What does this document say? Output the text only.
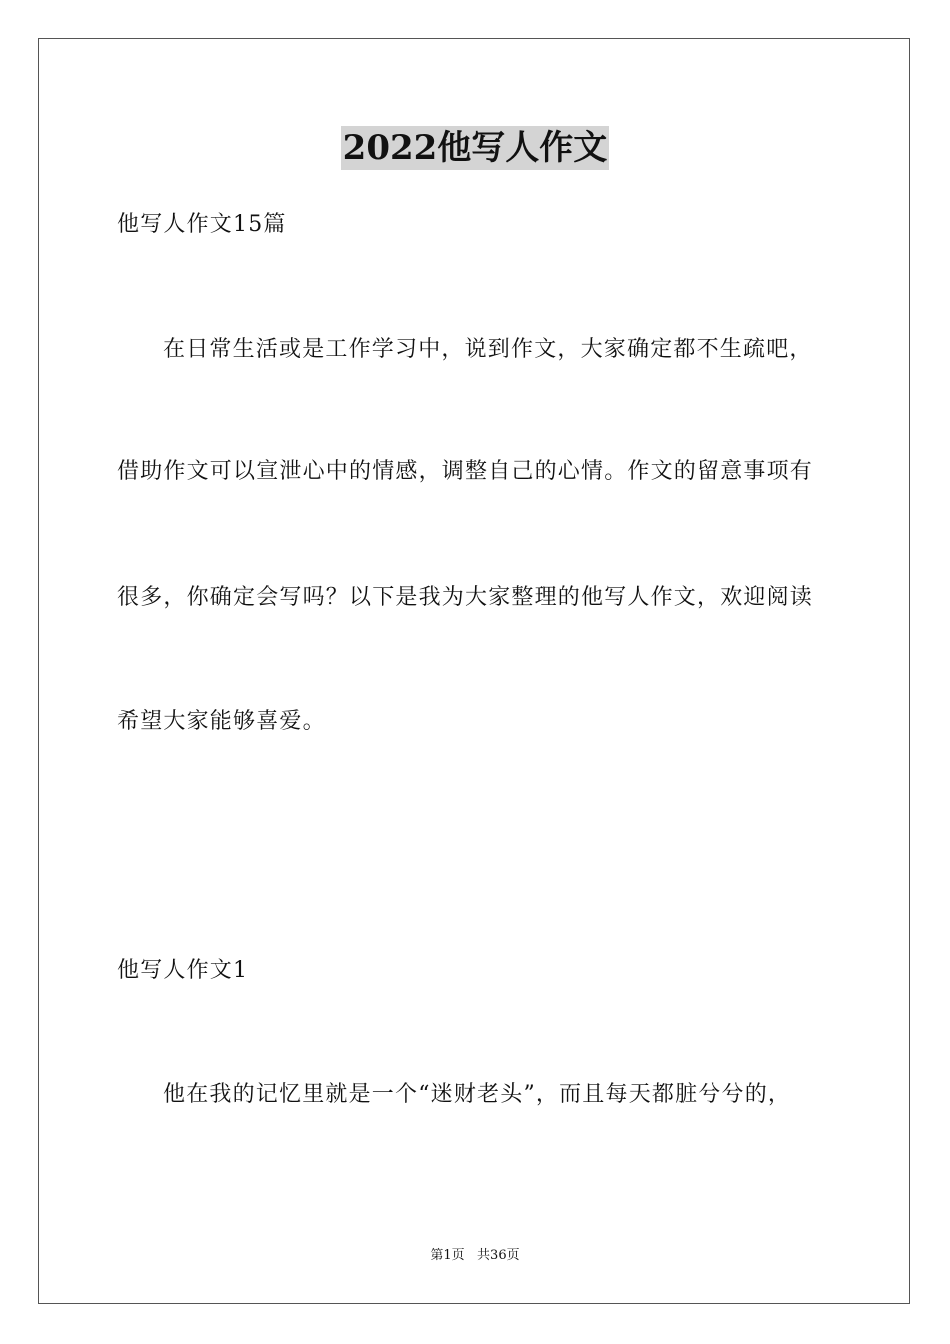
2022他写人作文
他写人作文15篇
在日常生活或是工作学习中，说到作文，大家确定都不生疏吧，
借助作文可以宣泄心中的情感，调整自己的心情。作文的留意事项有
很多，你确定会写吗？以下是我为大家整理的他写人作文，欢迎阅读
希望大家能够喜爱。
他写人作文1
他在我的记忆里就是一个“迷财老头”，而且每天都脏兮兮的，
第1页   共36页
